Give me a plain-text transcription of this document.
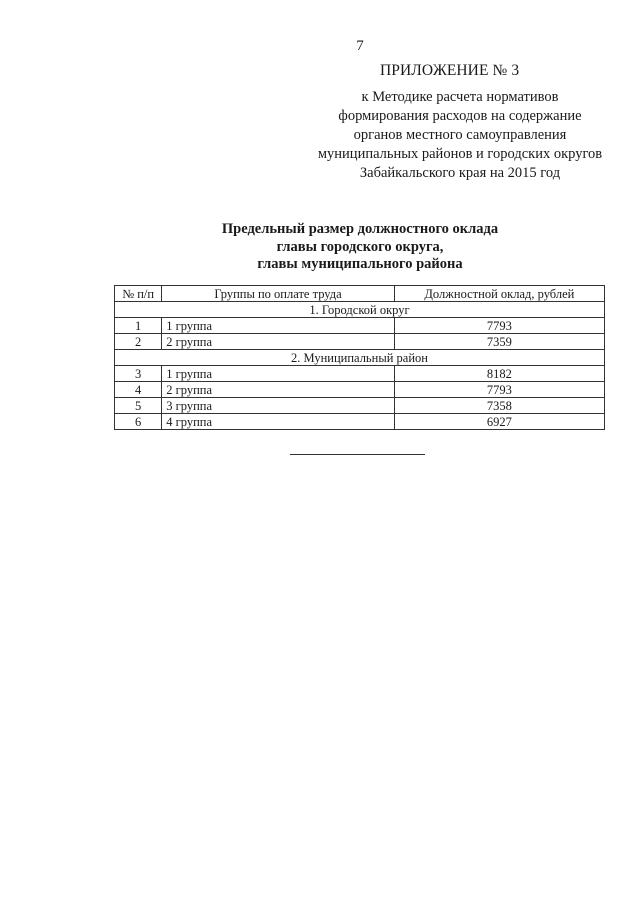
7
ПРИЛОЖЕНИЕ № 3
к Методике расчета нормативов
формирования расходов на содержание
органов местного самоуправления
муниципальных районов и городских округов
Забайкальского края на 2015 год
Предельный размер должностного оклада
главы городского округа,
главы муниципального района
№ п/п	Группы по оплате труда	Должностной оклад, рублей
1. Городской округ		
1	1 группа	7793
2	2 группа	7359
2. Муниципальный район		
3	1 группа	8182
4	2 группа	7793
5	3 группа	7358
6	4 группа	6927
